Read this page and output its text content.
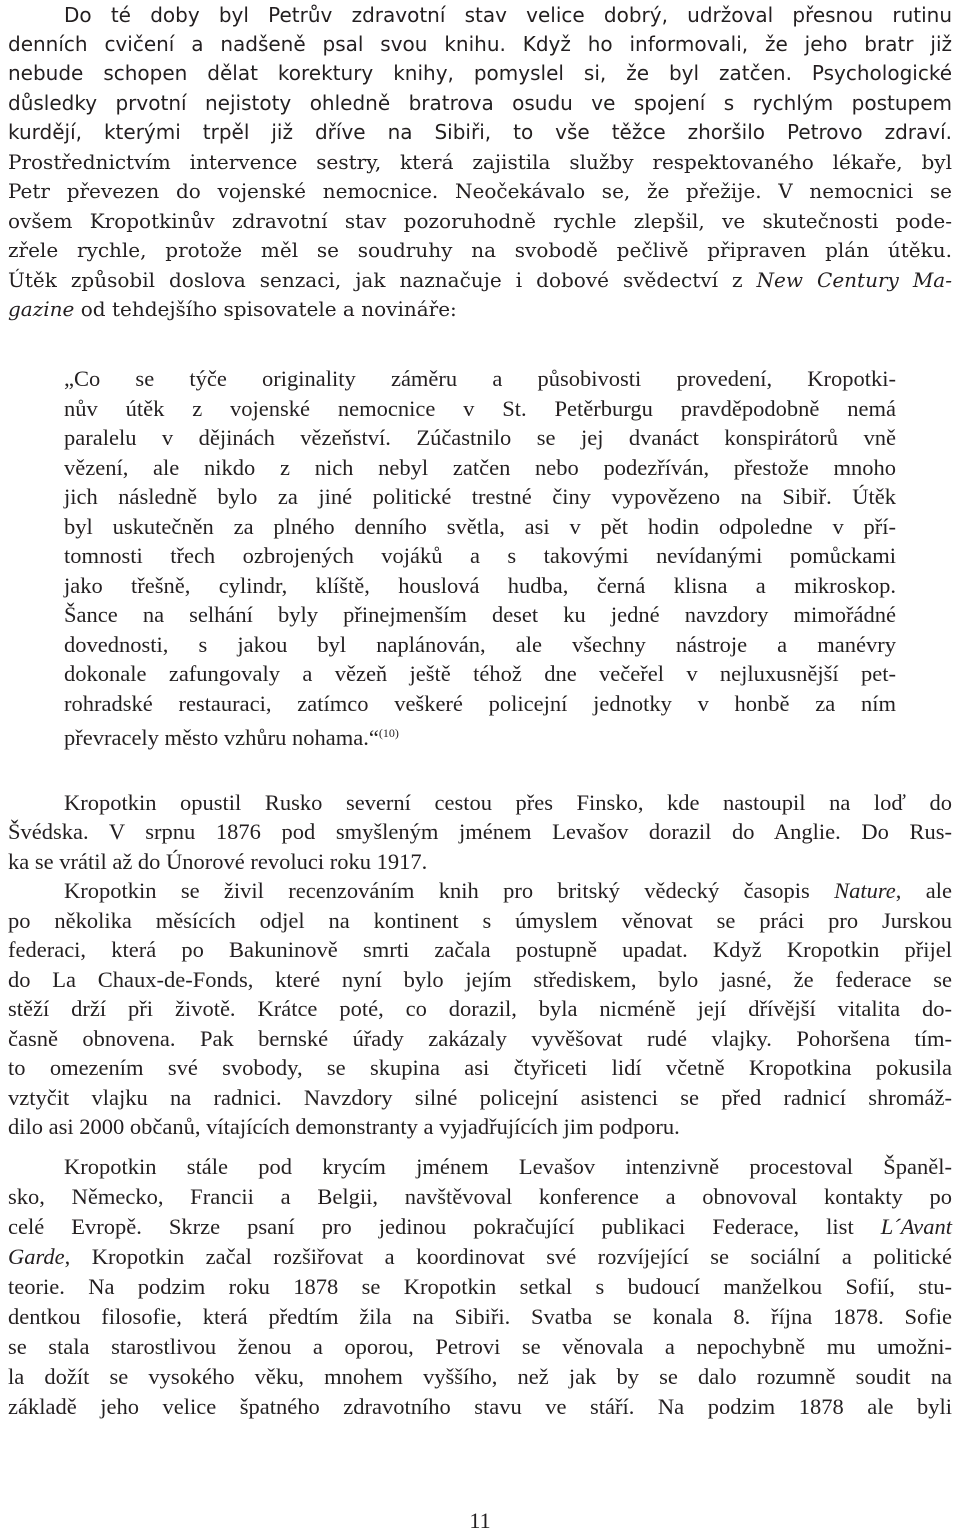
Do té doby byl Petrův zdravotní stav velice dobrý, udržoval přesnou rutinu
denních cvičení a nadšeně psal svou knihu. Když ho informovali, že jeho bratr již
nebude schopen dělat korektury knihy, pomyslel si, že byl zatčen. Psychologické
důsledky prvotní nejistoty ohledně bratrova osudu ve spojení s rychlým postupem
kurdějí, kterými trpěl již dříve na Sibiři, to vše těžce zhoršilo Petrovo zdraví.
Prostřednictvím intervence sestry, která zajistila služby respektovaného lékaře, byl
Petr převezen do vojenské nemocnice. Neočekávalo se, že přežije. V nemocnici se
ovšem Kropotkinův zdravotní stav pozoruhodně rychle zlepšil, ve skutečnosti pode-
zřele rychle, protože měl se soudruhy na svobodě pečlivě připraven plán útěku.
Útěk způsobil doslova senzaci, jak naznačuje i dobové svědectví z New Century Ma-
gazine od tehdejšího spisovatele a novináře:
„Co se týče originality záměru a působivosti provedení, Kropotki-
nův útěk z vojenské nemocnice v St. Petěrburgu pravděpodobně nemá
paralelu v dějinách vězeňství. Zúčastnilo se jej dvanáct konspirátorů vně
vězení, ale nikdo z nich nebyl zatčen nebo podezříván, přestože mnoho
jich následně bylo za jiné politické trestné činy vypovězeno na Sibiř. Útěk
byl uskutečněn za plného denního světla, asi v pět hodin odpoledne v pří-
tomnosti třech ozbrojených vojáků a s takovými nevídanými pomůckami
jako třešně, cylindr, klíště, houslová hudba, černá klisna a mikroskop.
Šance na selhání byly přinejmenším deset ku jedné navzdory mimořádné
dovednosti, s jakou byl naplánován, ale všechny nástroje a manévry
dokonale zafungovaly a vězeň ještě téhož dne večeřel v nejluxusnější pet-
rohradské restauraci, zatímco veškeré policejní jednotky v honbě za ním
převracely město vzhůru nohama.“$^{(10)}$
Kropotkin opustil Rusko severní cestou přes Finsko, kde nastoupil na loď do
Švédska. V srpnu 1876 pod smyšleným jménem Levašov dorazil do Anglie. Do Rus-
ka se vrátil až do Únorové revoluci roku 1917.
Kropotkin se živil recenzováním knih pro britský vědecký časopis Nature, ale
po několika měsících odjel na kontinent s úmyslem věnovat se práci pro Jurskou
federaci, která po Bakuninově smrti začala postupně upadat. Když Kropotkin přijel
do La Chaux-de-Fonds, které nyní bylo jejím střediskem, bylo jasné, že federace se
stěží drží při životě. Krátce poté, co dorazil, byla nicméně její dřívější vitalita do-
časně obnovena. Pak bernské úřady zakázaly vyvěšovat rudé vlajky. Pohoršena tím-
to omezením své svobody, se skupina asi čtyřiceti lidí včetně Kropotkina pokusila
vztyčit vlajku na radnici. Navzdory silné policejní asistenci se před radnicí shromáž-
dilo asi 2000 občanů, vítajících demonstranty a vyjadřujících jim podporu.
Kropotkin stále pod krycím jménem Levašov intenzivně procestoval Španěl-
sko, Německo, Francii a Belgii, navštěvoval konference a obnovoval kontakty po
celé Evropě. Skrze psaní pro jedinou pokračující publikaci Federace, list L´Avant
Garde, Kropotkin začal rozšiřovat a koordinovat své rozvíjející se sociální a politické
teorie. Na podzim roku 1878 se Kropotkin setkal s budoucí manželkou Sofií, stu-
dentkou filosofie, která předtím žila na Sibiři. Svatba se konala 8. října 1878. Sofie
se stala starostlivou ženou a oporou, Petrovi se věnovala a nepochybně mu umožni-
la dožít se vysokého věku, mnohem vyššího, než jak by se dalo rozumně soudit na
základě jeho velice špatného zdravotního stavu ve stáří. Na podzim 1878 ale byli
11
